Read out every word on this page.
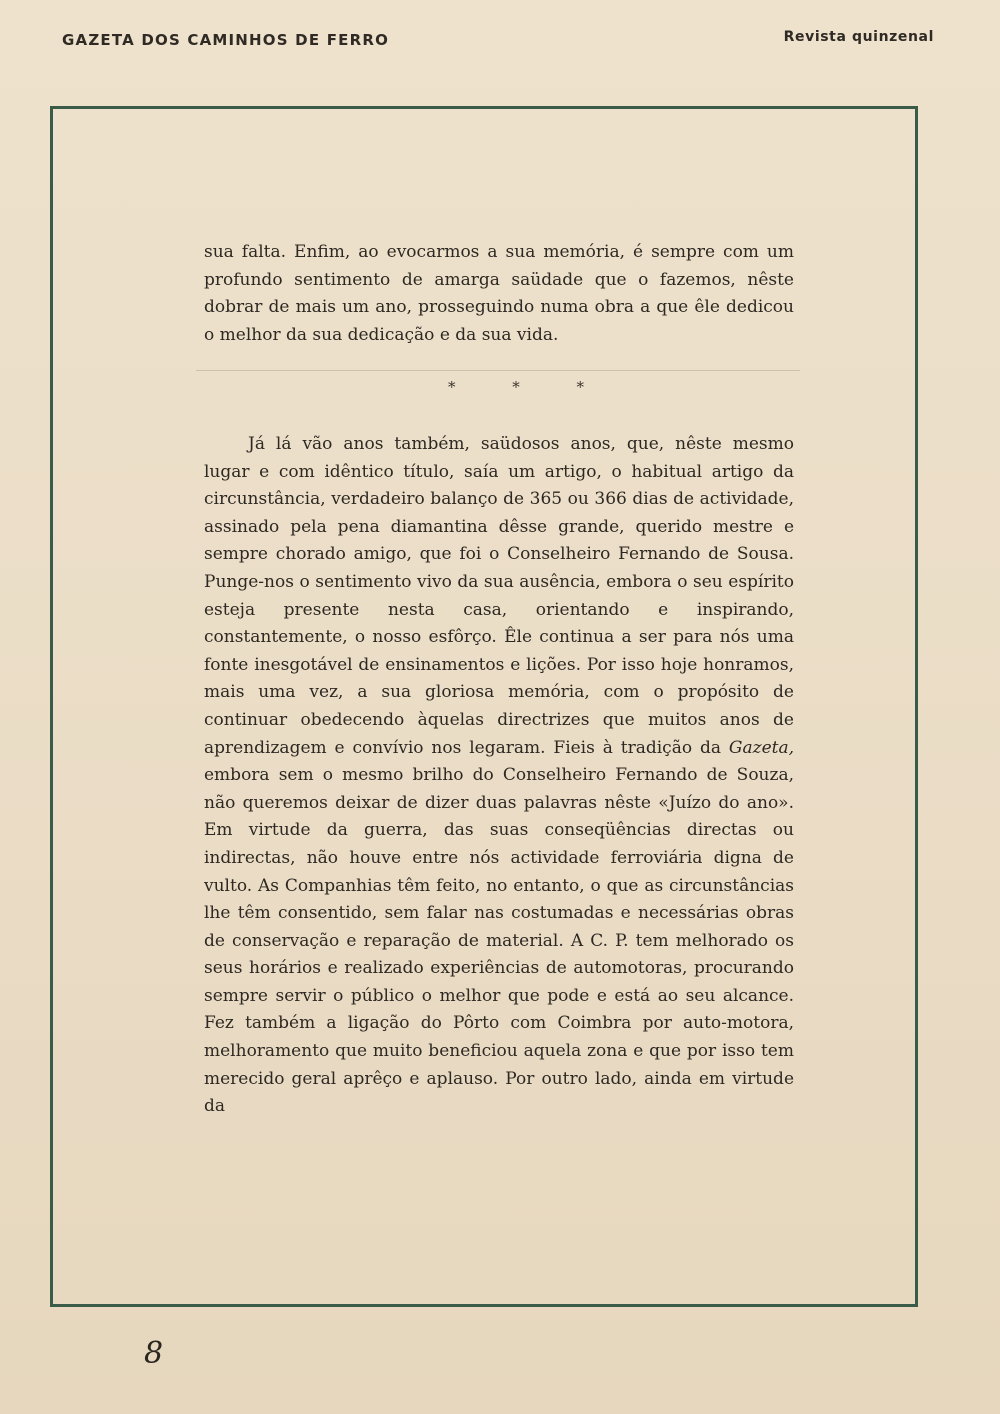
GAZETA DOS CAMINHOS DE FERRO	Revista quinzenal

sua falta. Enfim, ao evocarmos a sua memória, é sempre com um profundo sentimento de amarga saüdade que o fazemos, nêste dobrar de mais um ano, prosseguindo numa obra a que êle dedicou o melhor da sua dedicação e da sua vida.

* * *

Já lá vão anos também, saüdosos anos, que, nêste mesmo lugar e com idêntico título, saía um artigo, o habitual artigo da circunstância, verdadeiro balanço de 365 ou 366 dias de actividade, assinado pela pena diamantina dêsse grande, querido mestre e sempre chorado amigo, que foi o Conselheiro Fernando de Sousa. Punge-nos o sentimento vivo da sua ausência, embora o seu espírito esteja presente nesta casa, orientando e inspirando, constantemente, o nosso esfôrço. Êle continua a ser para nós uma fonte inesgotável de ensinamentos e lições. Por isso hoje honramos, mais uma vez, a sua gloriosa memória, com o propósito de continuar obedecendo àquelas directrizes que muitos anos de aprendizagem e convívio nos legaram. Fieis à tradição da Gazeta, embora sem o mesmo brilho do Conselheiro Fernando de Souza, não queremos deixar de dizer duas palavras nêste «Juízo do ano». Em virtude da guerra, das suas conseqüências directas ou indirectas, não houve entre nós actividade ferroviária digna de vulto. As Companhias têm feito, no entanto, o que as circunstâncias lhe têm consentido, sem falar nas costumadas e necessárias obras de conservação e reparação de material. A C. P. tem melhorado os seus horários e realizado experiências de automotoras, procurando sempre servir o público o melhor que pode e está ao seu alcance. Fez também a ligação do Pôrto com Coimbra por auto-motora, melhoramento que muito beneficiou aquela zona e que por isso tem merecido geral aprêço e aplauso. Por outro lado, ainda em virtude da

8
